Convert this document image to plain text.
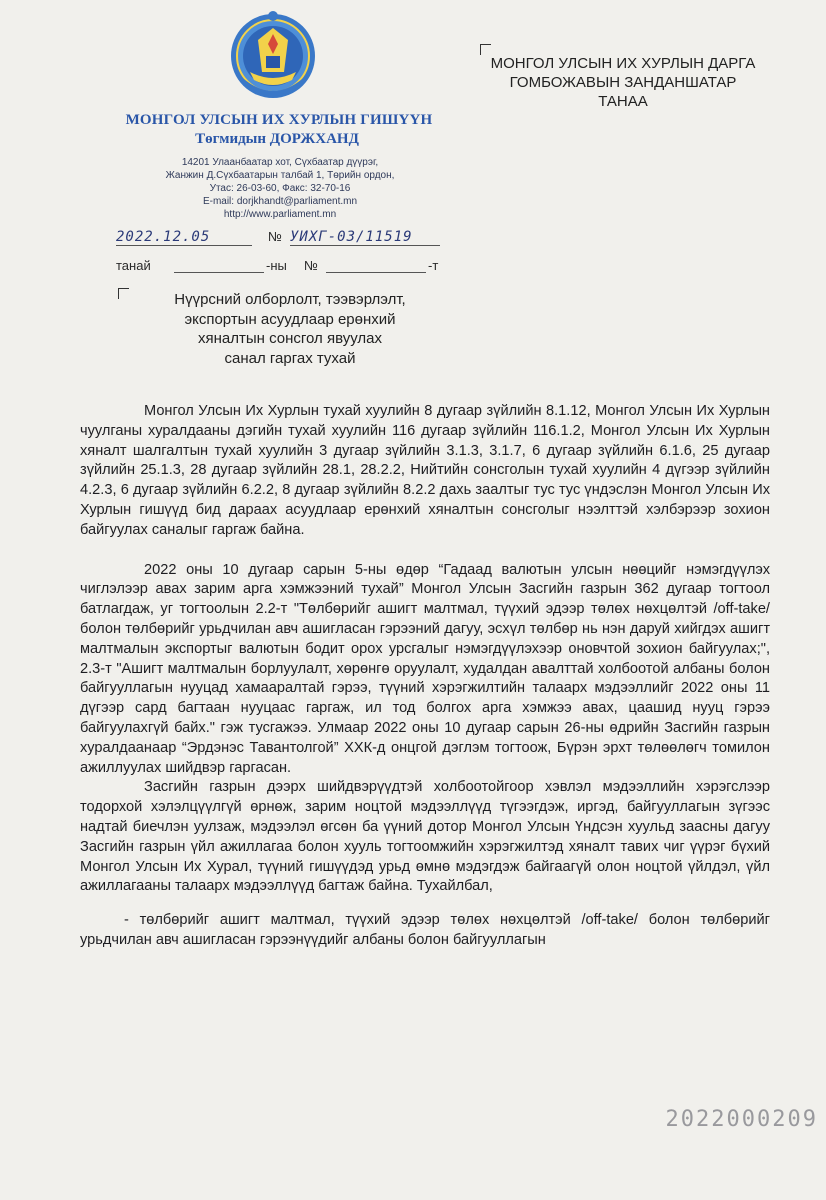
МОНГОЛ УЛСЫН ИХ ХУРЛЫН ГИШҮҮН
Төгмидын ДОРЖХАНД
14201 Улаанбаатар хот, Сүхбаатар дүүрэг,
Жанжин Д.Сүхбаатарын талбай 1, Төрийн ордон,
Утас: 26-03-60, Факс: 32-70-16
E-mail: dorjkhandt@parliament.mn
http://www.parliament.mn
2022.12.05	№ УИХГ-03/11519
танай	-ны №	-т
МОНГОЛ УЛСЫН ИХ ХУРЛЫН ДАРГА
ГОМБОЖАВЫН ЗАНДАНШАТАР
ТАНАА
Нүүрсний олборлолт, тээвэрлэлт,
экспортын асуудлаар ерөнхий
хяналтын сонсгол явуулах
санал гаргах тухай

Монгол Улсын Их Хурлын тухай хуулийн 8 дугаар зүйлийн 8.1.12, Монгол Улсын Их Хурлын чуулганы хуралдааны дэгийн тухай хуулийн 116 дугаар зүйлийн 116.1.2, Монгол Улсын Их Хурлын хяналт шалгалтын тухай хуулийн 3 дугаар зүйлийн 3.1.3, 3.1.7, 6 дугаар зүйлийн 6.1.6, 25 дугаар зүйлийн 25.1.3, 28 дугаар зүйлийн 28.1, 28.2.2, Нийтийн сонсголын тухай хуулийн 4 дүгээр зүйлийн 4.2.3, 6 дугаар зүйлийн 6.2.2, 8 дугаар зүйлийн 8.2.2 дахь заалтыг тус тус үндэслэн Монгол Улсын Их Хурлын гишүүд бид дараах асуудлаар ерөнхий хяналтын сонсголыг нээлттэй хэлбэрээр зохион байгуулах саналыг гаргаж байна.

2022 оны 10 дугаар сарын 5-ны өдөр “Гадаад валютын улсын нөөцийг нэмэгдүүлэх чиглэлээр авах зарим арга хэмжээний тухай” Монгол Улсын Засгийн газрын 362 дугаар тогтоол батлагдаж, уг тогтоолын 2.2-т "Төлбөрийг ашигт малтмал, түүхий эдээр төлөх нөхцөлтэй /off-take/ болон төлбөрийг урьдчилан авч ашигласан гэрээний дагуу, эсхүл төлбөр нь нэн даруй хийгдэх ашигт малтмалын экспортыг валютын бодит орох урсгалыг нэмэгдүүлэхээр оновчтой зохион байгуулах;", 2.3-т "Ашигт малтмалын борлуулалт, хөрөнгө оруулалт, худалдан авалттай холбоотой албаны болон байгууллагын нууцад хамааралтай гэрээ, түүний хэрэгжилтийн талаарх мэдээллийг 2022 оны 11 дүгээр сард багтаан нууцаас гаргаж, ил тод болгох арга хэмжээ авах, цаашид нууц гэрээ байгуулахгүй байх." гэж тусгажээ. Улмаар 2022 оны 10 дугаар сарын 26-ны өдрийн Засгийн газрын хуралдаанаар “Эрдэнэс Тавантолгой” ХХК-д онцгой дэглэм тогтоож, Бүрэн эрхт төлөөлөгч томилон ажиллуулах шийдвэр гаргасан.

Засгийн газрын дээрх шийдвэрүүдтэй холбоотойгоор хэвлэл мэдээллийн хэрэгслээр тодорхой хэлэлцүүлгүй өрнөж, зарим ноцтой мэдээллүүд түгээгдэж, иргэд, байгууллагын зүгээс надтай биечлэн уулзаж, мэдээлэл өгсөн ба үүний дотор Монгол Улсын Үндсэн хуульд заасны дагуу Засгийн газрын үйл ажиллагаа болон хууль тогтоомжийн хэрэгжилтэд хяналт тавих чиг үүрэг бүхий Монгол Улсын Их Хурал, түүний гишүүдэд урьд өмнө мэдэгдэж байгаагүй олон ноцтой үйлдэл, үйл ажиллагааны талаарх мэдээллүүд багтаж байна. Тухайлбал,

- төлбөрийг ашигт малтмал, түүхий эдээр төлөх нөхцөлтэй /off-take/ болон төлбөрийг урьдчилан авч ашигласан гэрээнүүдийг албаны болон байгууллагын

2022000209
